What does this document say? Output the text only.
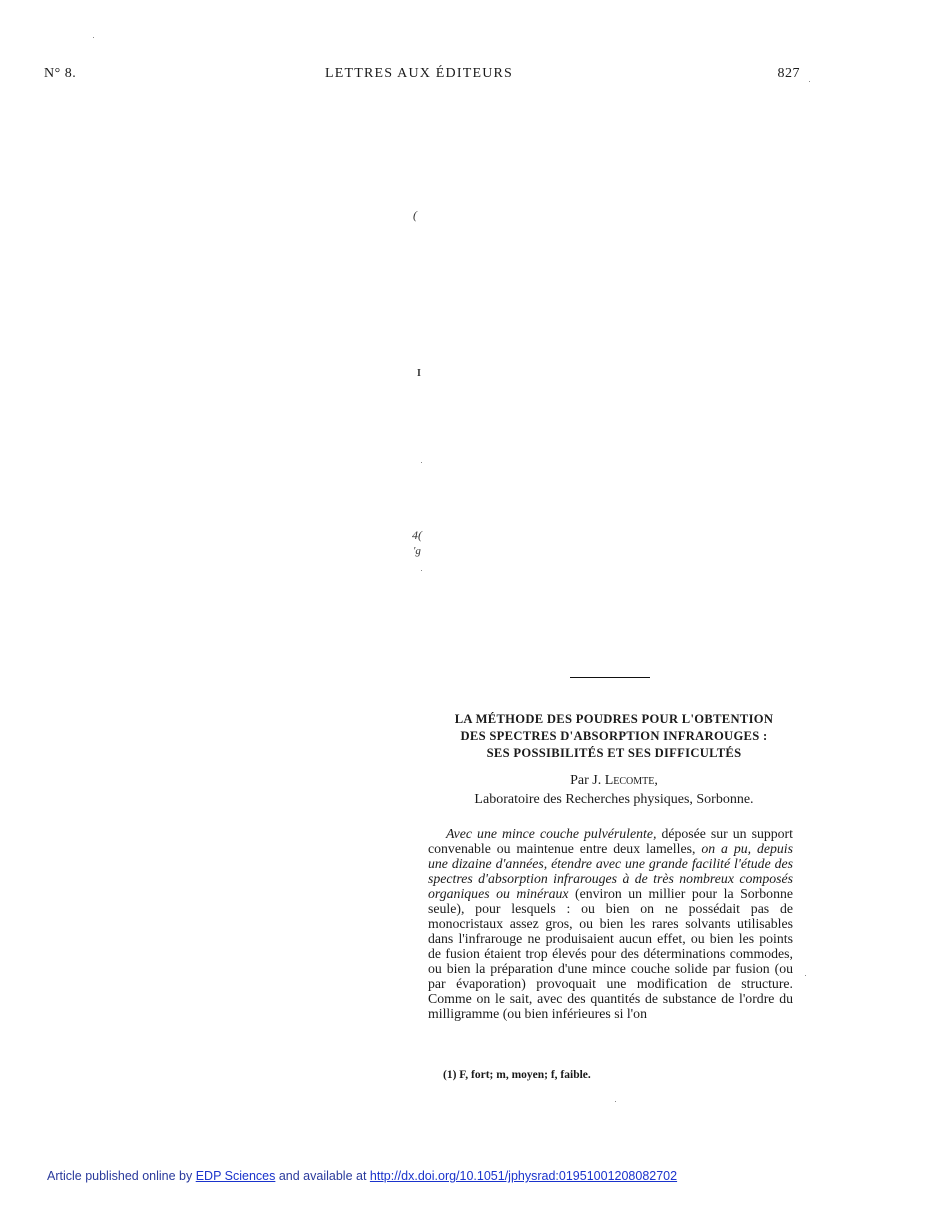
N° 8.	LETTRES AUX ÉDITEURS	827
(
I
4(
'g
LA MÉTHODE DES POUDRES POUR L'OBTENTION
DES SPECTRES D'ABSORPTION INFRAROUGES :
SES POSSIBILITÉS ET SES DIFFICULTÉS
Par J. Lecomte,
Laboratoire des Recherches physiques, Sorbonne.

Avec une mince couche pulvérulente, déposée sur un support convenable ou maintenue entre deux lamelles, on a pu, depuis une dizaine d'années, étendre avec une grande facilité l'étude des spectres d'absorption infrarouges à de très nombreux composés organiques ou minéraux (environ un millier pour la Sorbonne seule), pour lesquels : ou bien on ne possédait pas de monocristaux assez gros, ou bien les rares solvants utilisables dans l'infrarouge ne produisaient aucun effet, ou bien les points de fusion étaient trop élevés pour des déterminations commodes, ou bien la préparation d'une mince couche solide par fusion (ou par évaporation) provoquait une modification de structure. Comme on le sait, avec des quantités de substance de l'ordre du milligramme (ou bien inférieures si l'on

(1) F, fort; m, moyen; f, faible.
Article published online by EDP Sciences and available at http://dx.doi.org/10.1051/jphysrad:01951001208082702
